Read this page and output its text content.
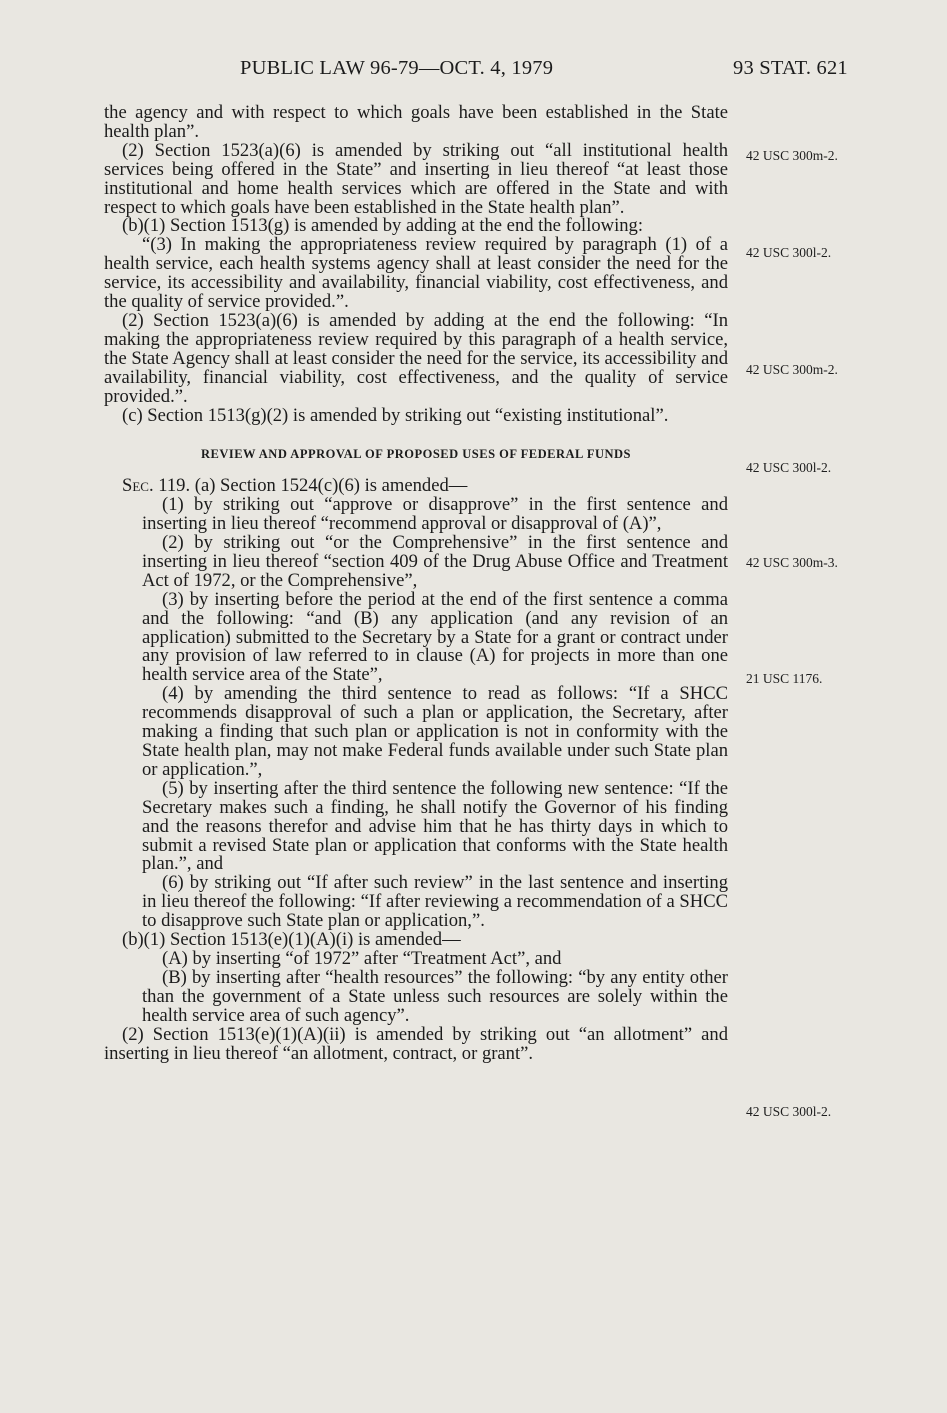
PUBLIC LAW 96-79—OCT. 4, 1979	93 STAT. 621

the agency and with respect to which goals have been established in the State health plan”.

(2) Section 1523(a)(6) is amended by striking out “all institutional health services being offered in the State” and inserting in lieu thereof “at least those institutional and home health services which are offered in the State and with respect to which goals have been established in the State health plan”.

(b)(1) Section 1513(g) is amended by adding at the end the following:

“(3) In making the appropriateness review required by paragraph (1) of a health service, each health systems agency shall at least consider the need for the service, its accessibility and availability, financial viability, cost effectiveness, and the quality of service provided.”.

(2) Section 1523(a)(6) is amended by adding at the end the following: “In making the appropriateness review required by this paragraph of a health service, the State Agency shall at least consider the need for the service, its accessibility and availability, financial viability, cost effectiveness, and the quality of service provided.”.

(c) Section 1513(g)(2) is amended by striking out “existing institutional”.

REVIEW AND APPROVAL OF PROPOSED USES OF FEDERAL FUNDS

Sec. 119. (a) Section 1524(c)(6) is amended—

(1) by striking out “approve or disapprove” in the first sentence and inserting in lieu thereof “recommend approval or disapproval of (A)”,

(2) by striking out “or the Comprehensive” in the first sentence and inserting in lieu thereof “section 409 of the Drug Abuse Office and Treatment Act of 1972, or the Comprehensive”,

(3) by inserting before the period at the end of the first sentence a comma and the following: “and (B) any application (and any revision of an application) submitted to the Secretary by a State for a grant or contract under any provision of law referred to in clause (A) for projects in more than one health service area of the State”,

(4) by amending the third sentence to read as follows: “If a SHCC recommends disapproval of such a plan or application, the Secretary, after making a finding that such plan or application is not in conformity with the State health plan, may not make Federal funds available under such State plan or application.”,

(5) by inserting after the third sentence the following new sentence: “If the Secretary makes such a finding, he shall notify the Governor of his finding and the reasons therefor and advise him that he has thirty days in which to submit a revised State plan or application that conforms with the State health plan.”, and

(6) by striking out “If after such review” in the last sentence and inserting in lieu thereof the following: “If after reviewing a recommendation of a SHCC to disapprove such State plan or application,”.

(b)(1) Section 1513(e)(1)(A)(i) is amended—

(A) by inserting “of 1972” after “Treatment Act”, and

(B) by inserting after “health resources” the following: “by any entity other than the government of a State unless such resources are solely within the health service area of such agency”.

(2) Section 1513(e)(1)(A)(ii) is amended by striking out “an allotment” and inserting in lieu thereof “an allotment, contract, or grant”.

42 USC 300m-2.
42 USC 300l-2.
42 USC 300m-2.
42 USC 300l-2.
42 USC 300m-3.
21 USC 1176.
42 USC 300l-2.
